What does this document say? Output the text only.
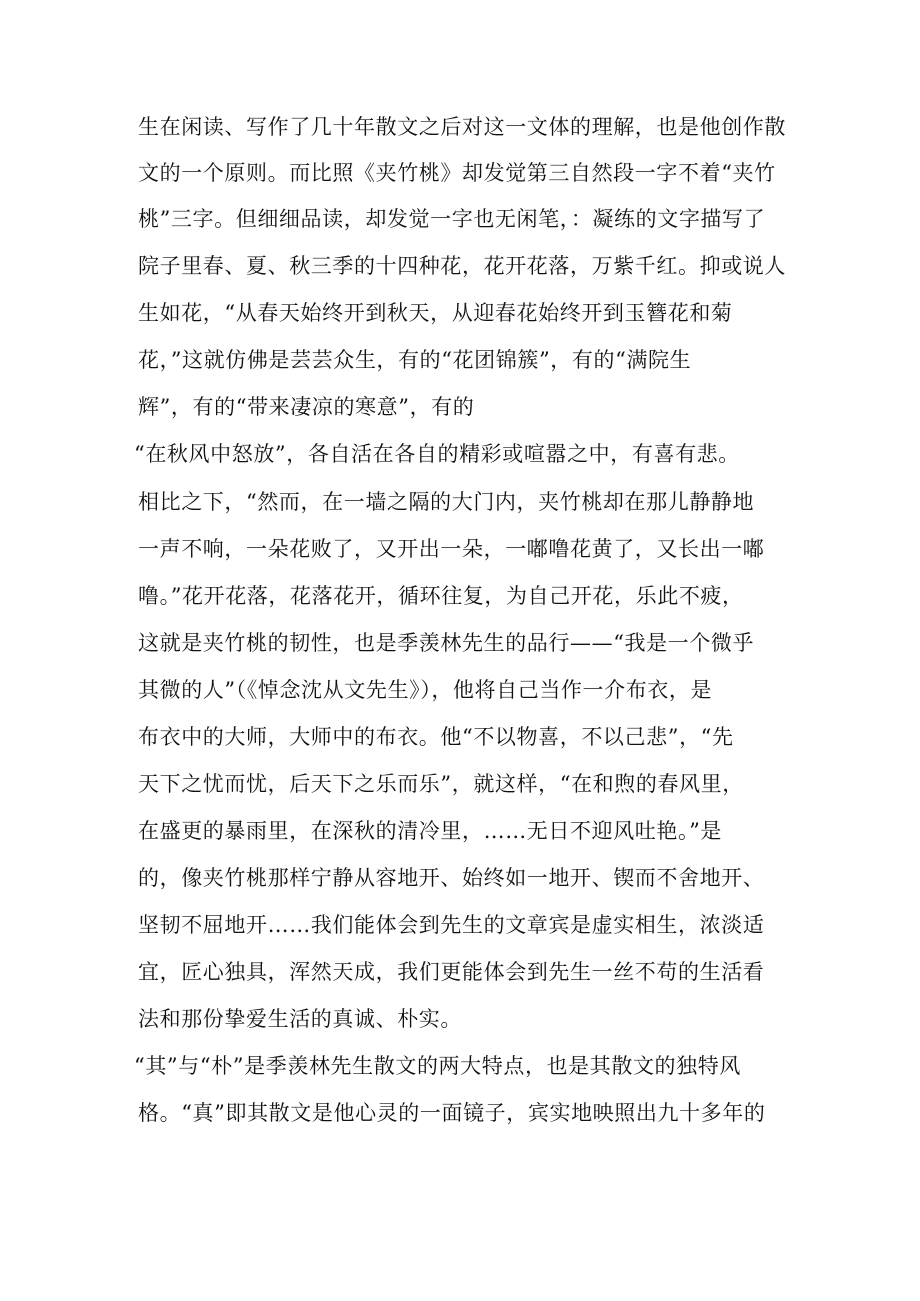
生在闲读、写作了几十年散文之后对这一文体的理解，也是他创作散

文的一个原则。而比照《夹竹桃》却发觉第三自然段一字不着“夹竹

桃”三字。但细细品读，却发觉一字也无闲笔，：凝练的文字描写了

院子里春、夏、秋三季的十四种花，花开花落，万紫千红。抑或说人

生如花，“从春天始终开到秋天，从迎春花始终开到玉簪花和菊

花，”这就仿佛是芸芸众生，有的“花团锦簇”，有的“满院生

辉”，有的“带来凄凉的寒意”，有的

“在秋风中怒放”，各自活在各自的精彩或喧嚣之中，有喜有悲。

相比之下，“然而，在一墙之隔的大门内，夹竹桃却在那儿静静地

一声不响，一朵花败了，又开出一朵，一嘟噜花黄了，又长出一嘟

噜。”花开花落，花落花开，循环往复，为自己开花，乐此不疲，

这就是夹竹桃的韧性，也是季羡林先生的品行——“我是一个微乎

其微的人”（《悼念沈从文先生》），他将自己当作一介布衣，是

布衣中的大师，大师中的布衣。他“不以物喜，不以己悲”，“先

天下之忧而忧，后天下之乐而乐”，就这样，“在和煦的春风里，

在盛更的暴雨里，在深秋的清冷里，……无日不迎风吐艳。”是

的，像夹竹桃那样宁静从容地开、始终如一地开、锲而不舍地开、

坚韧不屈地开……我们能体会到先生的文章宾是虚实相生，浓淡适

宜，匠心独具，浑然天成，我们更能体会到先生一丝不苟的生活看

法和那份挚爱生活的真诚、朴实。

“其”与“朴”是季羡林先生散文的两大特点，也是其散文的独特风

格。“真”即其散文是他心灵的一面镜子，宾实地映照出九十多年的
